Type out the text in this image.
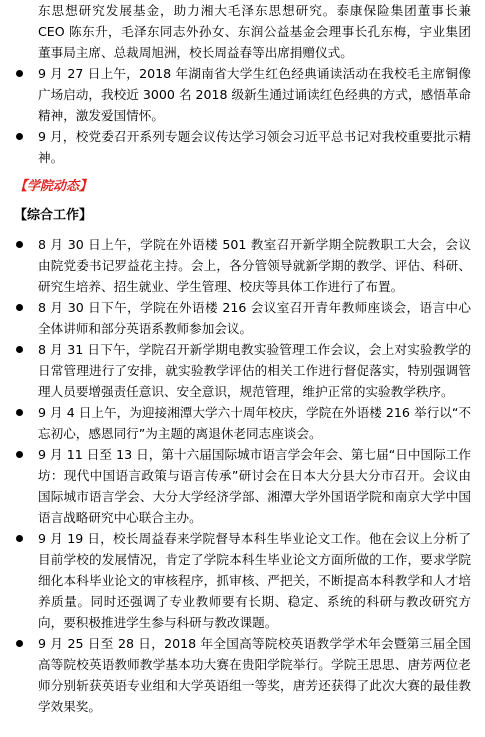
东思想研究发展基金，助力湘大毛泽东思想研究。泰康保险集团董事长兼 CEO 陈东升，毛泽东同志外孙女、东润公益基金会理事长孔东梅，宇业集团董事局主席、总裁周旭洲，校长周益春等出席捐赠仪式。
9 月 27 日上午，2018 年湖南省大学生红色经典诵读活动在我校毛主席铜像广场启动，我校近 3000 名 2018 级新生通过诵读红色经典的方式，感悟革命精神，激发爱国情怀。
9 月，校党委召开系列专题会议传达学习领会习近平总书记对我校重要批示精神。
【学院动态】
【综合工作】
8 月 30 日上午，学院在外语楼 501 教室召开新学期全院教职工大会，会议由院党委书记罗益花主持。会上，各分管领导就新学期的教学、评估、科研、研究生培养、招生就业、学生管理、校庆等具体工作进行了布置。
8 月 30 日下午，学院在外语楼 216 会议室召开青年教师座谈会，语言中心全体讲师和部分英语系教师参加会议。
8 月 31 日下午，学院召开新学期电教实验管理工作会议，会上对实验教学的日常管理进行了安排，就实验教学评估的相关工作进行督促落实，特别强调管理人员要增强责任意识、安全意识，规范管理，维护正常的实验教学秩序。
9 月 4 日上午，为迎接湘潭大学六十周年校庆，学院在外语楼 216 举行以“不忘初心，感恩同行”为主题的离退休老同志座谈会。
9 月 11 日至 13 日，第十六届国际城市语言学会年会、第七届“日中国际工作坊：现代中国语言政策与语言传承”研讨会在日本大分县大分市召开。会议由国际城市语言学会、大分大学经济学部、湘潭大学外国语学院和南京大学中国语言战略研究中心联合主办。
9 月 19 日，校长周益春来学院督导本科生毕业论文工作。他在会议上分析了目前学校的发展情况，肯定了学院本科生毕业论文方面所做的工作，要求学院细化本科毕业论文的审核程序，抓审核、严把关，不断提高本科教学和人才培养质量。同时还强调了专业教师要有长期、稳定、系统的科研与教改研究方向，要积极推进学生参与科研与教改课题。
9 月 25 日至 28 日，2018 年全国高等院校英语教学学术年会暨第三届全国高等院校英语教师教学基本功大赛在贵阳学院举行。学院王思思、唐芳两位老师分别斩获英语专业组和大学英语组一等奖，唐芳还获得了此次大赛的最佳教学效果奖。
